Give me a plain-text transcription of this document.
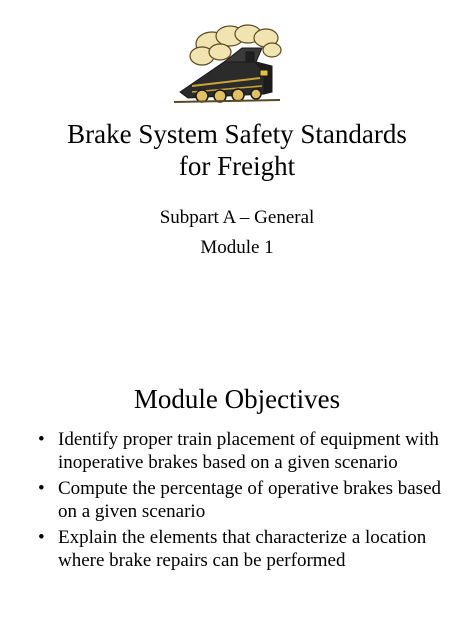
Brake System Safety Standards
for Freight
Subpart A – General
Module 1
Module Objectives
• Identify proper train placement of equipment with inoperative brakes based on a given scenario
• Compute the percentage of operative brakes based on a given scenario
• Explain the elements that characterize a location where brake repairs can be performed
